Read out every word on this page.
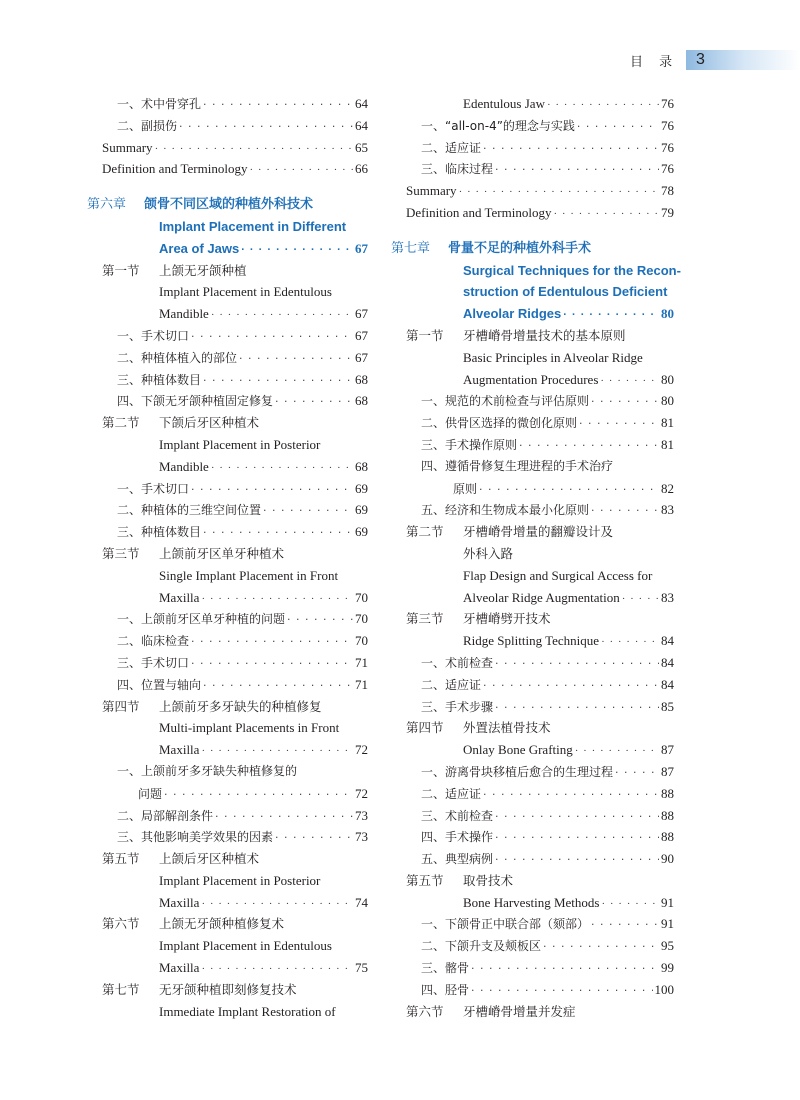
目 录	3
一、术中骨穿孔 · · ·	64
二、副损伤 · · ·	64
Summary · · ·	65
Definition and Terminology · · ·	66
第六章 颌骨不同区域的种植外科技术
Implant Placement in Different
Area of Jaws · · ·	67
第一节 上颌无牙颌种植
Implant Placement in Edentulous
Mandible · · ·	67
一、手术切口 · · ·	67
二、种植体植入的部位 · · ·	67
三、种植体数目 · · ·	68
四、下颌无牙颌种植固定修复 · · ·	68
第二节 下颌后牙区种植术
Implant Placement in Posterior
Mandible · · ·	68
一、手术切口 · · ·	69
二、种植体的三维空间位置 · · ·	69
三、种植体数目 · · ·	69
第三节 上颌前牙区单牙种植术
Single Implant Placement in Front
Maxilla · · ·	70
一、上颌前牙区单牙种植的问题 · · ·	70
二、临床检查 · · ·	70
三、手术切口 · · ·	71
四、位置与轴向 · · ·	71
第四节 上颌前牙多牙缺失的种植修复
Multi-implant Placements in Front
Maxilla · · ·	72
一、上颌前牙多牙缺失种植修复的
问题 · · ·	72
二、局部解剖条件 · · ·	73
三、其他影响美学效果的因素 · · ·	73
第五节 上颌后牙区种植术
Implant Placement in Posterior
Maxilla · · ·	74
第六节 上颌无牙颌种植修复术
Implant Placement in Edentulous
Maxilla · · ·	75
第七节 无牙颌种植即刻修复技术
Immediate Implant Restoration of
Edentulous Jaw · · ·	76
一、“all-on-4”的理念与实践 · · ·	76
二、适应证 · · ·	76
三、临床过程 · · ·	76
Summary · · ·	78
Definition and Terminology · · ·	79
第七章 骨量不足的种植外科手术
Surgical Techniques for the Recon-
struction of Edentulous Deficient
Alveolar Ridges · · ·	80
第一节 牙槽嵴骨增量技术的基本原则
Basic Principles in Alveolar Ridge
Augmentation Procedures · · ·	80
一、规范的术前检查与评估原则 · · ·	80
二、供骨区选择的微创化原则 · · ·	81
三、手术操作原则 · · ·	81
四、遵循骨修复生理进程的手术治疗
原则 · · ·	82
五、经济和生物成本最小化原则 · · ·	83
第二节 牙槽嵴骨增量的翻瓣设计及
外科入路
Flap Design and Surgical Access for
Alveolar Ridge Augmentation · · ·	83
第三节 牙槽嵴劈开技术
Ridge Splitting Technique · · ·	84
一、术前检查 · · ·	84
二、适应证 · · ·	84
三、手术步骤 · · ·	85
第四节 外置法植骨技术
Onlay Bone Grafting · · ·	87
一、游离骨块移植后愈合的生理过程 · · ·	87
二、适应证 · · ·	88
三、术前检查 · · ·	88
四、手术操作 · · ·	88
五、典型病例 · · ·	90
第五节 取骨技术
Bone Harvesting Methods · · ·	91
一、下颌骨正中联合部（颏部） · · ·	91
二、下颌升支及颊板区 · · ·	95
三、髂骨 · · ·	99
四、胫骨 · · ·	100
第六节 牙槽嵴骨增量并发症
